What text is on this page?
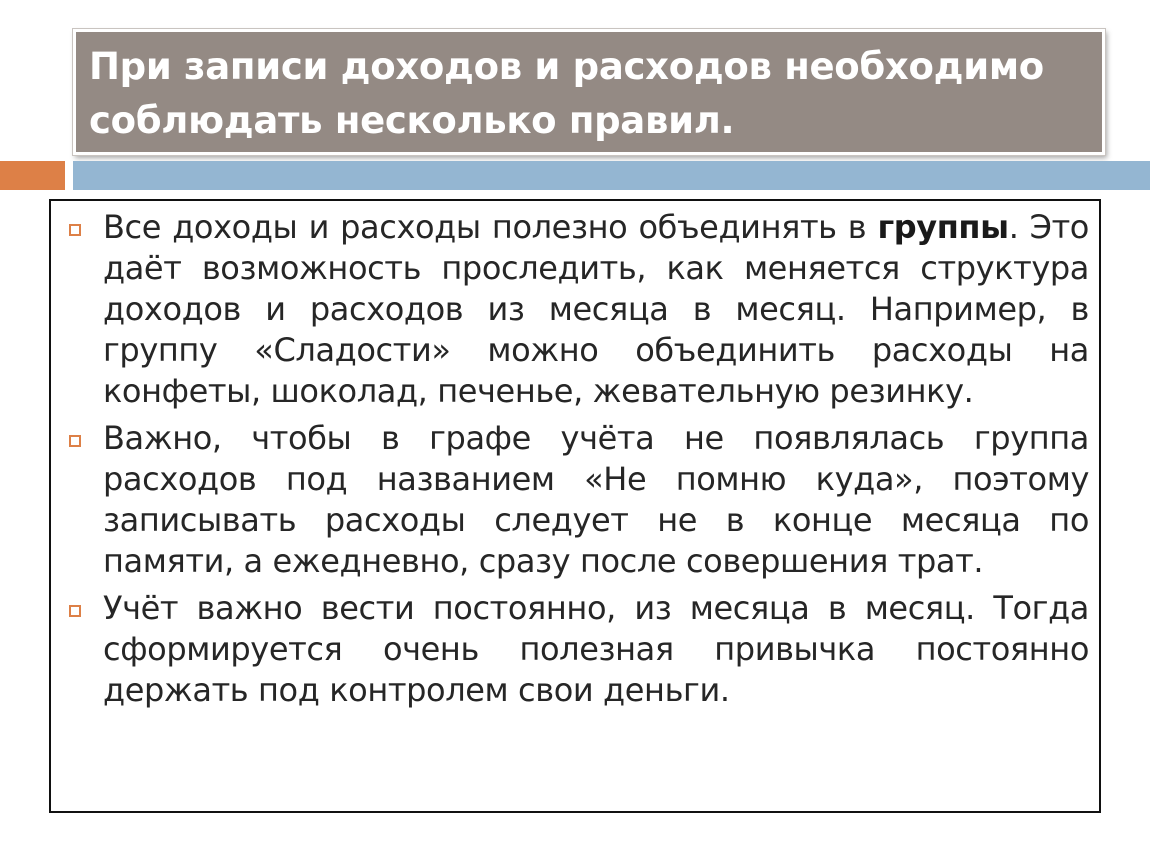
При записи доходов и расходов необходимо соблюдать несколько правил.
Все доходы и расходы полезно объединять в группы. Это даёт возможность проследить, как меняется структура доходов и расходов из месяца в месяц. Например, в группу «Сладости» можно объединить расходы на конфеты, шоколад, печенье, жевательную резинку.
Важно, чтобы в графе учёта не появлялась группа расходов под названием «Не помню куда», поэтому записывать расходы следует не в конце месяца по памяти, а ежедневно, сразу после совершения трат.
Учёт важно вести постоянно, из месяца в месяц. Тогда сформируется очень полезная привычка постоянно держать под контролем свои деньги.
